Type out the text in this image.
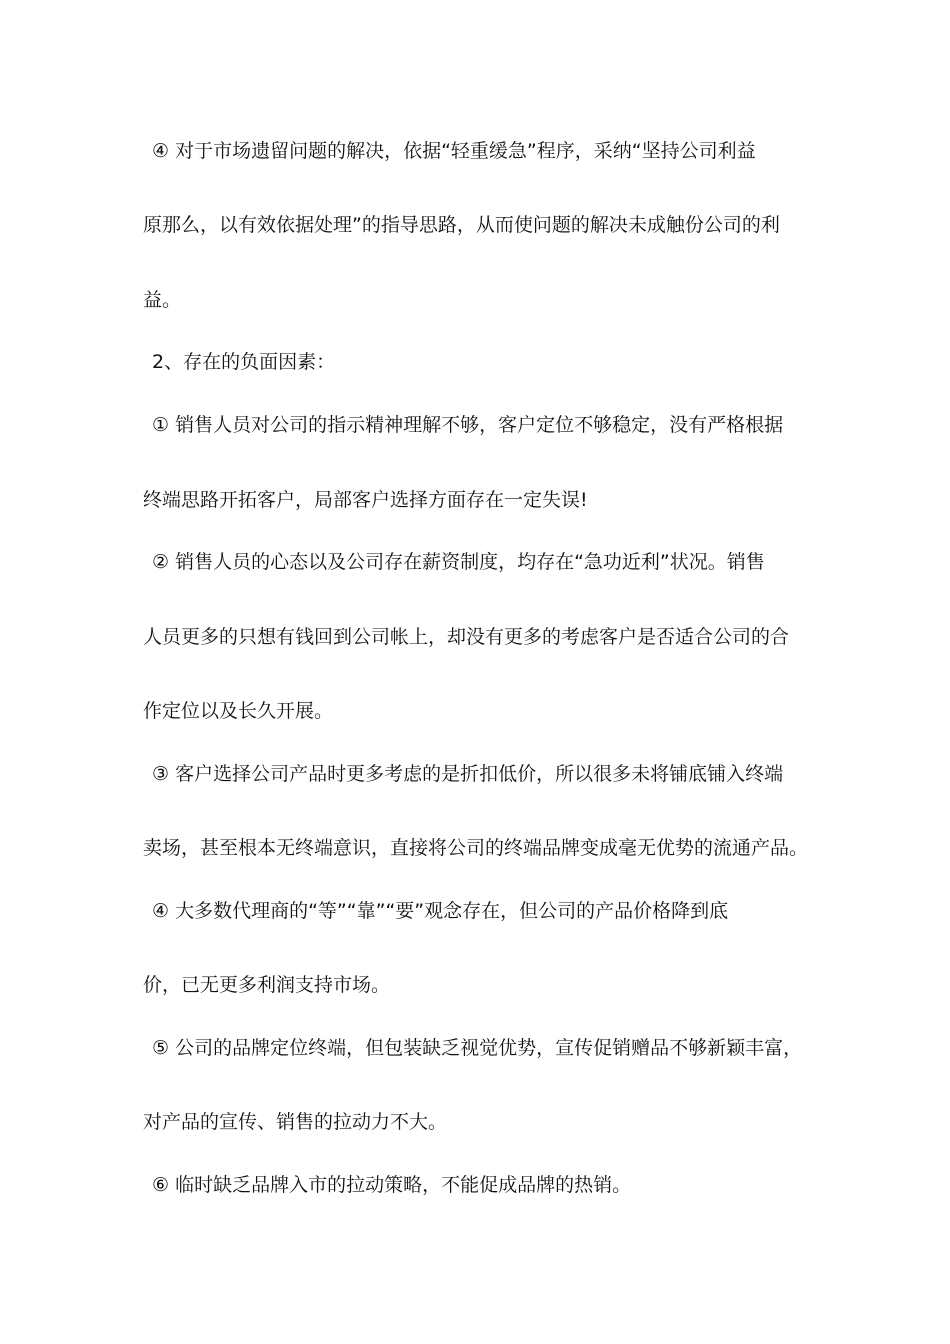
④ 对于市场遗留问题的解决，依据“轻重缓急”程序，采纳“坚持公司利益
原那么，以有效依据处理”的指导思路，从而使问题的解决未成触份公司的利
益。
2、存在的负面因素：
① 销售人员对公司的指示精神理解不够，客户定位不够稳定，没有严格根据
终端思路开拓客户，局部客户选择方面存在一定失误!
② 销售人员的心态以及公司存在薪资制度，均存在“急功近利”状况。销售
人员更多的只想有钱回到公司帐上，却没有更多的考虑客户是否适合公司的合
作定位以及长久开展。
③ 客户选择公司产品时更多考虑的是折扣低价，所以很多未将铺底铺入终端
卖场，甚至根本无终端意识，直接将公司的终端品牌变成毫无优势的流通产品。
④ 大多数代理商的“等”“靠”“要”观念存在，但公司的产品价格降到底
价，已无更多利润支持市场。
⑤ 公司的品牌定位终端，但包装缺乏视觉优势，宣传促销赠品不够新颖丰富，
对产品的宣传、销售的拉动力不大。
⑥ 临时缺乏品牌入市的拉动策略，不能促成品牌的热销。
